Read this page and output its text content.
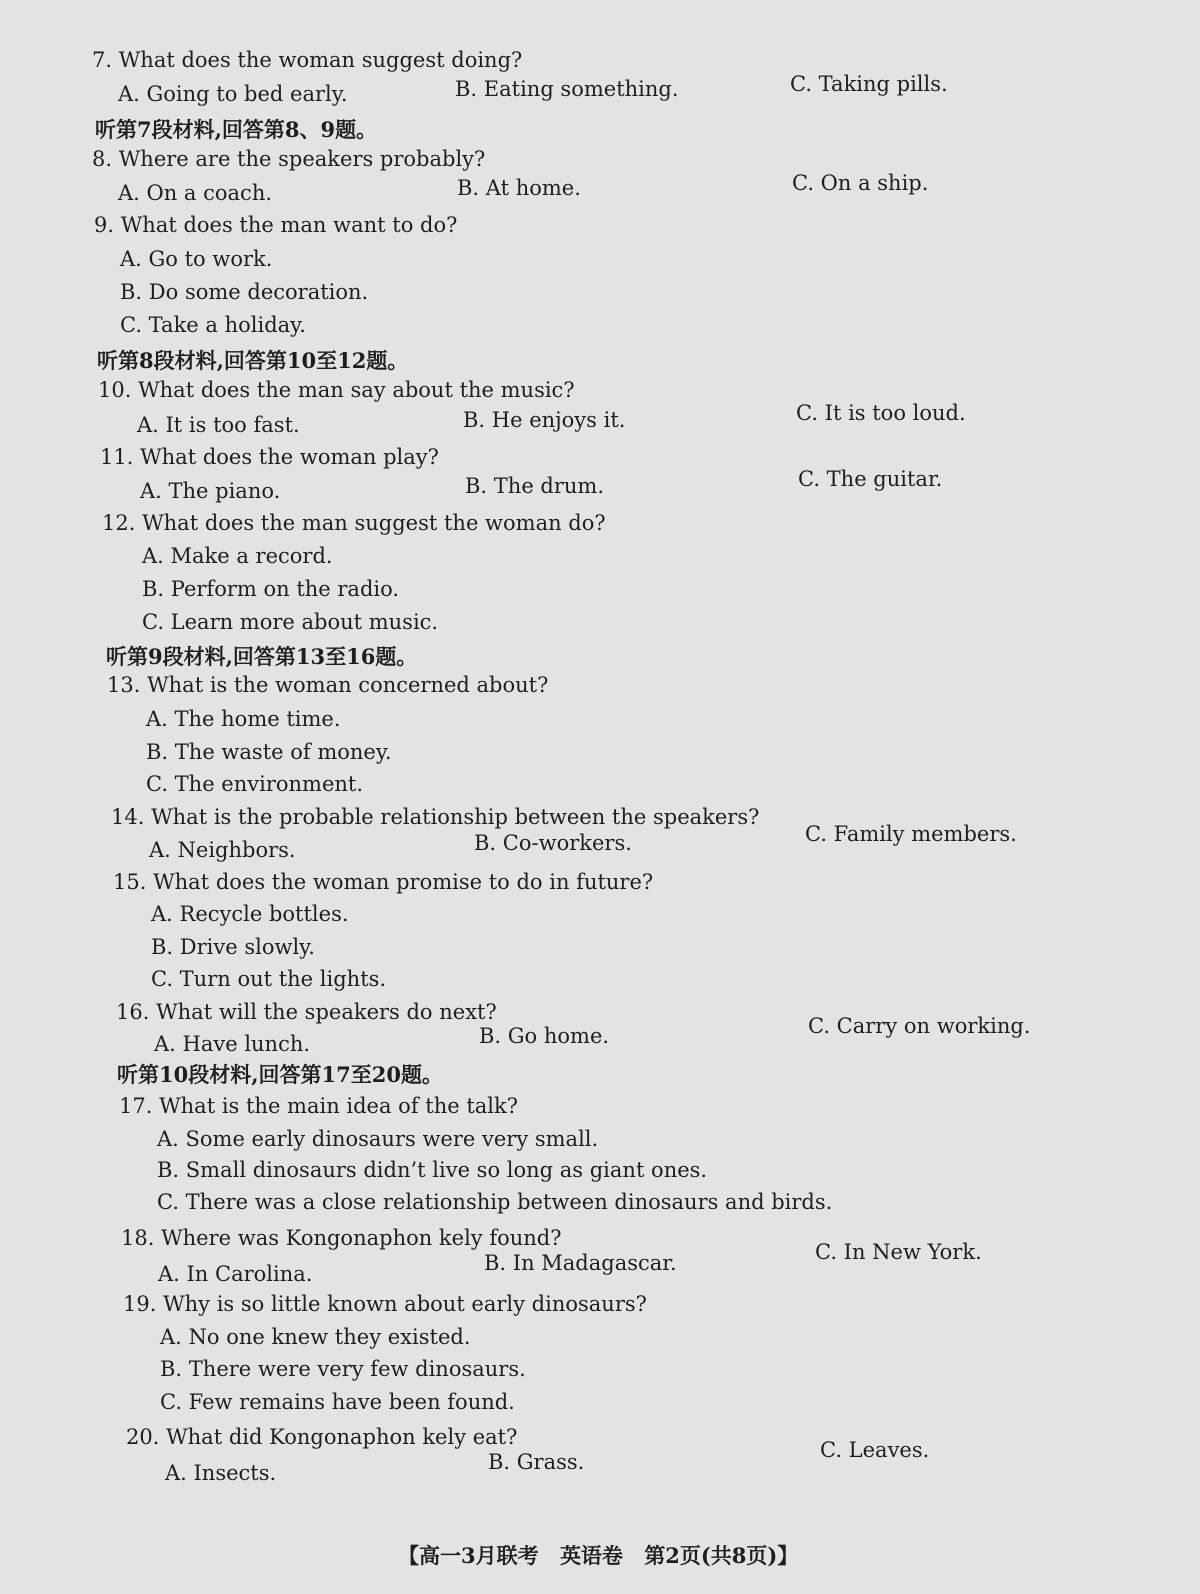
【高一3月联考 英语卷 第2页(共8页)】
7. What does the woman suggest doing?
A. Going to bed early.	B. Eating something.	C. Taking pills.
听第7段材料,回答第8、9题。
8. Where are the speakers probably?
A. On a coach.	B. At home.	C. On a ship.
9. What does the man want to do?
A. Go to work.
B. Do some decoration.
C. Take a holiday.
听第8段材料,回答第10至12题。
10. What does the man say about the music?
A. It is too fast.	B. He enjoys it.	C. It is too loud.
11. What does the woman play?
A. The piano.	B. The drum.	C. The guitar.
12. What does the man suggest the woman do?
A. Make a record.
B. Perform on the radio.
C. Learn more about music.
听第9段材料,回答第13至16题。
13. What is the woman concerned about?
A. The home time.
B. The waste of money.
C. The environment.
14. What is the probable relationship between the speakers?
A. Neighbors.	B. Co-workers.	C. Family members.
15. What does the woman promise to do in future?
A. Recycle bottles.
B. Drive slowly.
C. Turn out the lights.
16. What will the speakers do next?
A. Have lunch.	B. Go home.	C. Carry on working.
听第10段材料,回答第17至20题。
17. What is the main idea of the talk?
A. Some early dinosaurs were very small.
B. Small dinosaurs didn’t live so long as giant ones.
C. There was a close relationship between dinosaurs and birds.
18. Where was Kongonaphon kely found?
A. In Carolina.	B. In Madagascar.	C. In New York.
19. Why is so little known about early dinosaurs?
A. No one knew they existed.
B. There were very few dinosaurs.
C. Few remains have been found.
20. What did Kongonaphon kely eat?
A. Insects.	B. Grass.	C. Leaves.
